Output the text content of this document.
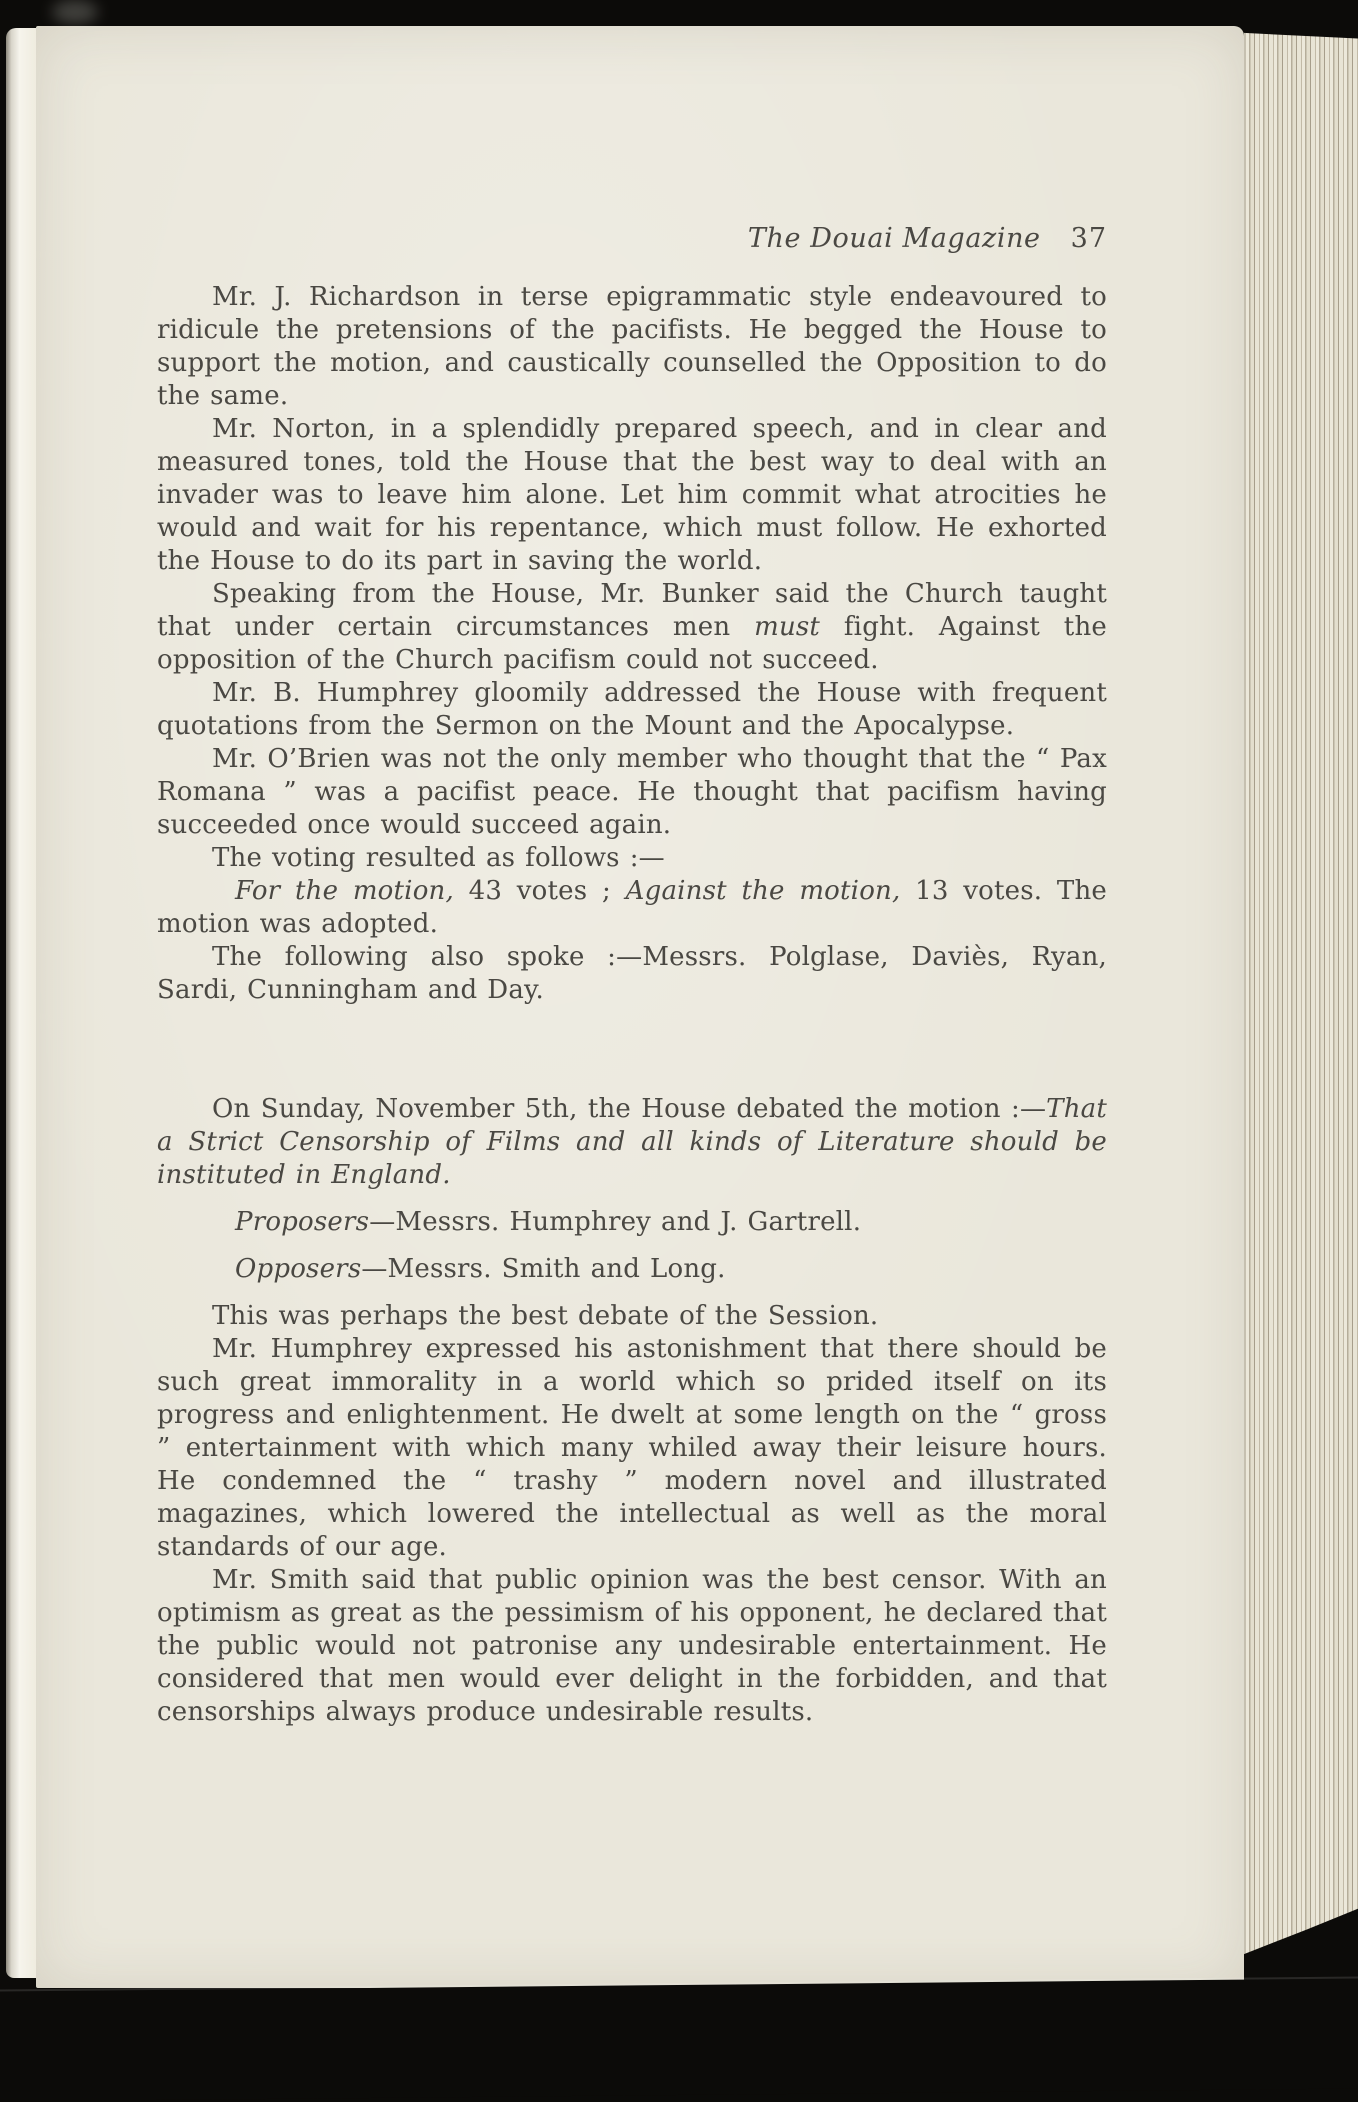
The Douai Magazine 37

Mr. J. Richardson in terse epigrammatic style endeavoured to ridicule the pretensions of the pacifists. He begged the House to support the motion, and caustically counselled the Opposition to do the same.

Mr. Norton, in a splendidly prepared speech, and in clear and measured tones, told the House that the best way to deal with an invader was to leave him alone. Let him commit what atrocities he would and wait for his repentance, which must follow. He exhorted the House to do its part in saving the world.

Speaking from the House, Mr. Bunker said the Church taught that under certain circumstances men must fight. Against the opposition of the Church pacifism could not succeed.

Mr. B. Humphrey gloomily addressed the House with frequent quotations from the Sermon on the Mount and the Apocalypse.

Mr. O’Brien was not the only member who thought that the “ Pax Romana ” was a pacifist peace. He thought that pacifism having succeeded once would succeed again.

The voting resulted as follows :—

For the motion, 43 votes ; Against the motion, 13 votes. The motion was adopted.

The following also spoke :—Messrs. Polglase, Daviès, Ryan, Sardi, Cunningham and Day.

On Sunday, November 5th, the House debated the motion :—That a Strict Censorship of Films and all kinds of Literature should be instituted in England.

Proposers—Messrs. Humphrey and J. Gartrell.

Opposers—Messrs. Smith and Long.

This was perhaps the best debate of the Session.

Mr. Humphrey expressed his astonishment that there should be such great immorality in a world which so prided itself on its progress and enlightenment. He dwelt at some length on the “ gross ” entertainment with which many whiled away their leisure hours. He condemned the “ trashy ” modern novel and illustrated magazines, which lowered the intellectual as well as the moral standards of our age.

Mr. Smith said that public opinion was the best censor. With an optimism as great as the pessimism of his opponent, he declared that the public would not patronise any undesirable entertainment. He considered that men would ever delight in the forbidden, and that censorships always produce undesirable results.
